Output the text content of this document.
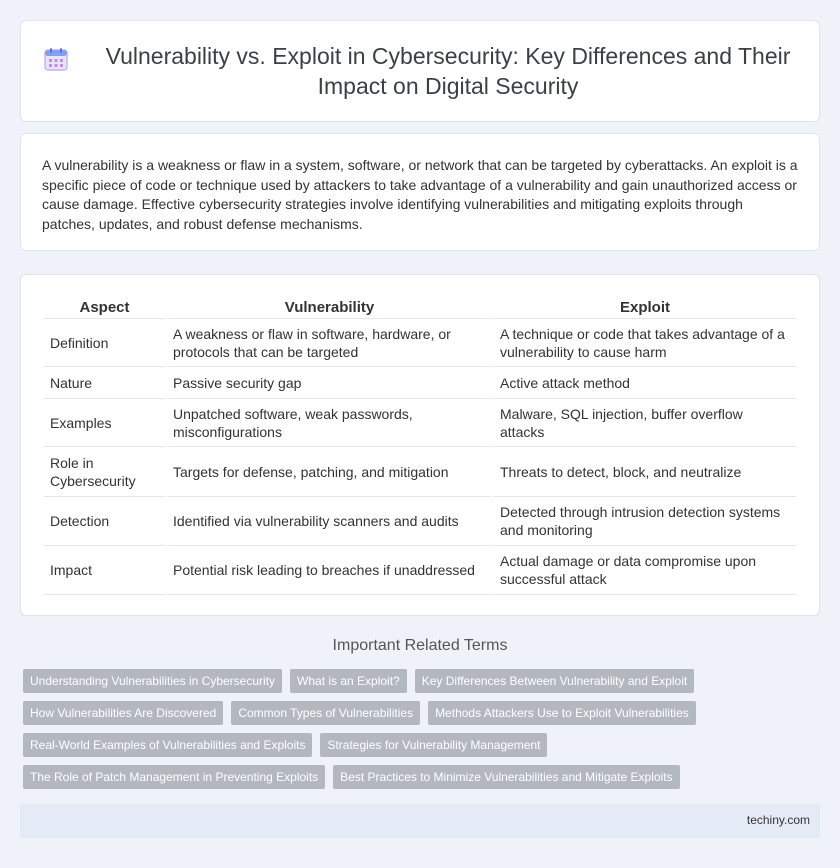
Vulnerability vs. Exploit in Cybersecurity: Key Differences and Their Impact on Digital Security

A vulnerability is a weakness or flaw in a system, software, or network that can be targeted by cyberattacks. An exploit is a specific piece of code or technique used by attackers to take advantage of a vulnerability and gain unauthorized access or cause damage. Effective cybersecurity strategies involve identifying vulnerabilities and mitigating exploits through patches, updates, and robust defense mechanisms.

Aspect	Vulnerability	Exploit
Definition	A weakness or flaw in software, hardware, or protocols that can be targeted	A technique or code that takes advantage of a vulnerability to cause harm
Nature	Passive security gap	Active attack method
Examples	Unpatched software, weak passwords, misconfigurations	Malware, SQL injection, buffer overflow attacks
Role in Cybersecurity	Targets for defense, patching, and mitigation	Threats to detect, block, and neutralize
Detection	Identified via vulnerability scanners and audits	Detected through intrusion detection systems and monitoring
Impact	Potential risk leading to breaches if unaddressed	Actual damage or data compromise upon successful attack
Important Related Terms
Understanding Vulnerabilities in Cybersecurity	What is an Exploit?	Key Differences Between Vulnerability and Exploit
How Vulnerabilities Are Discovered	Common Types of Vulnerabilities	Methods Attackers Use to Exploit Vulnerabilities
Real-World Examples of Vulnerabilities and Exploits	Strategies for Vulnerability Management
The Role of Patch Management in Preventing Exploits	Best Practices to Minimize Vulnerabilities and Mitigate Exploits
techiny.com
